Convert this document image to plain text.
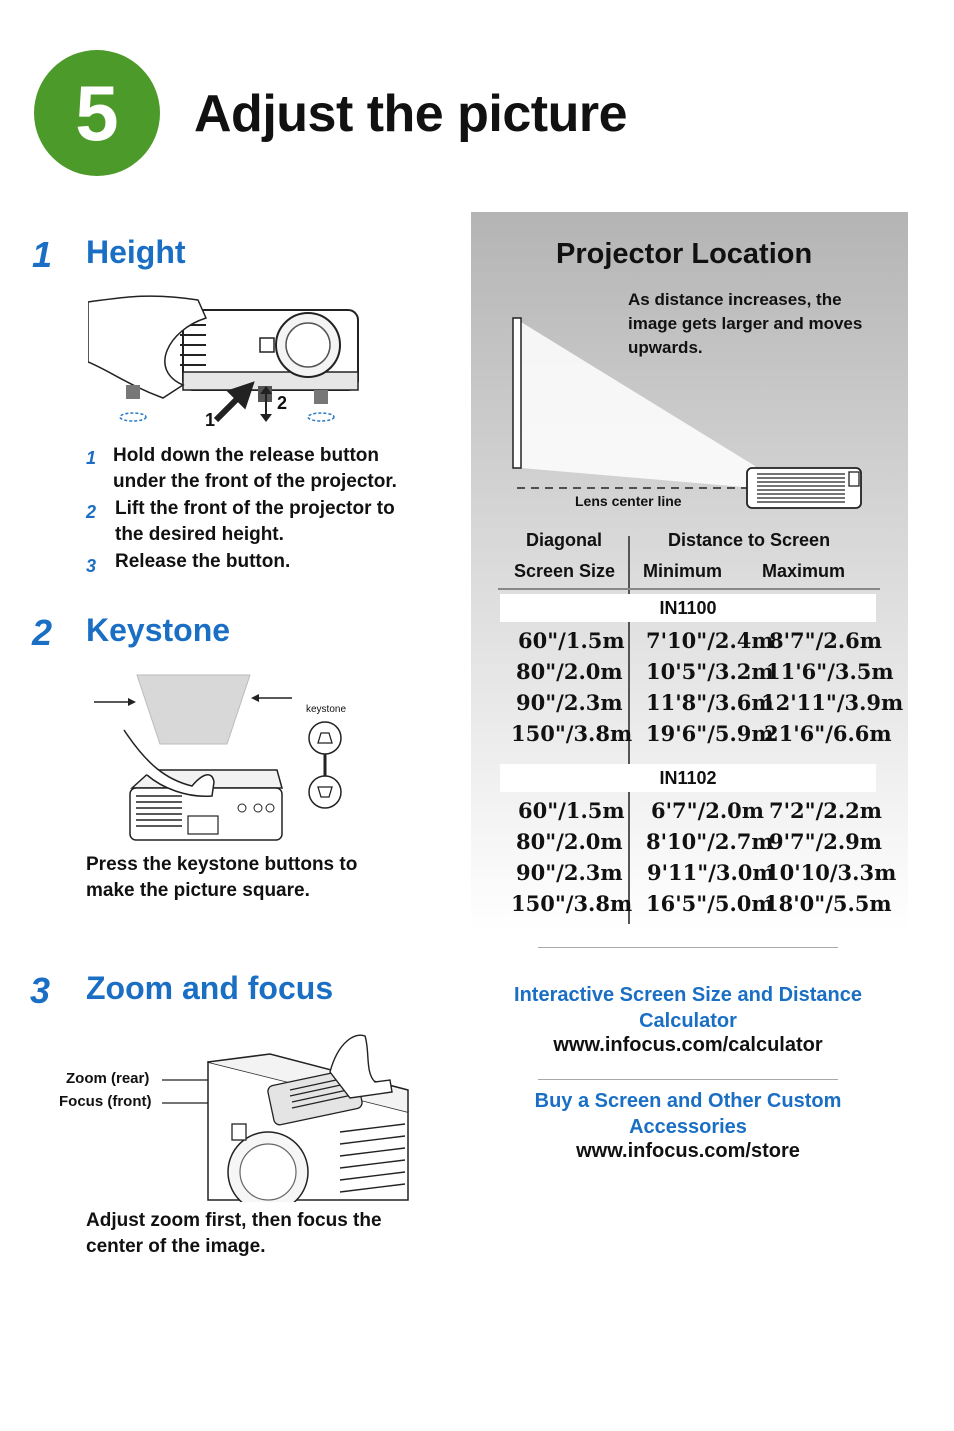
5 Adjust the picture
1 Height
1
2
1 Hold down the release button
under the front of the projector.
2 Lift the front of the projector to
the desired height.
3 Release the button.
2 Keystone
keystone
Press the keystone buttons to
make the picture square.
3 Zoom and focus
Zoom (rear)
Focus (front)
Adjust zoom first, then focus the
center of the image.
Projector Location
As distance increases, the
image gets larger and moves
upwards.
Lens center line
Diagonal
Screen Size
Distance to Screen
Minimum Maximum
IN1100
60"/1.5m 7'10"/2.4m
8'7"/2.6m
80"/2.0m 10'5"/3.2m
11'6"/3.5m
90"/2.3m 11'8"/3.6m
12'11"/3.9m
150"/3.8m 19'6"/5.9m
21'6"/6.6m
IN1102
60"/1.5m 6'7"/2.0m 7'2"/2.2m
80"/2.0m 8'10"/2.7m
9'7"/2.9m
90"/2.3m 9'11"/3.0m
10'10/3.3m
150"/3.8m 16'5"/5.0m
18'0"/5.5m
Interactive Screen Size and Distance
Calculator
www.infocus.com/calculator
Buy a Screen and Other Custom
Accessories
www.infocus.com/store
